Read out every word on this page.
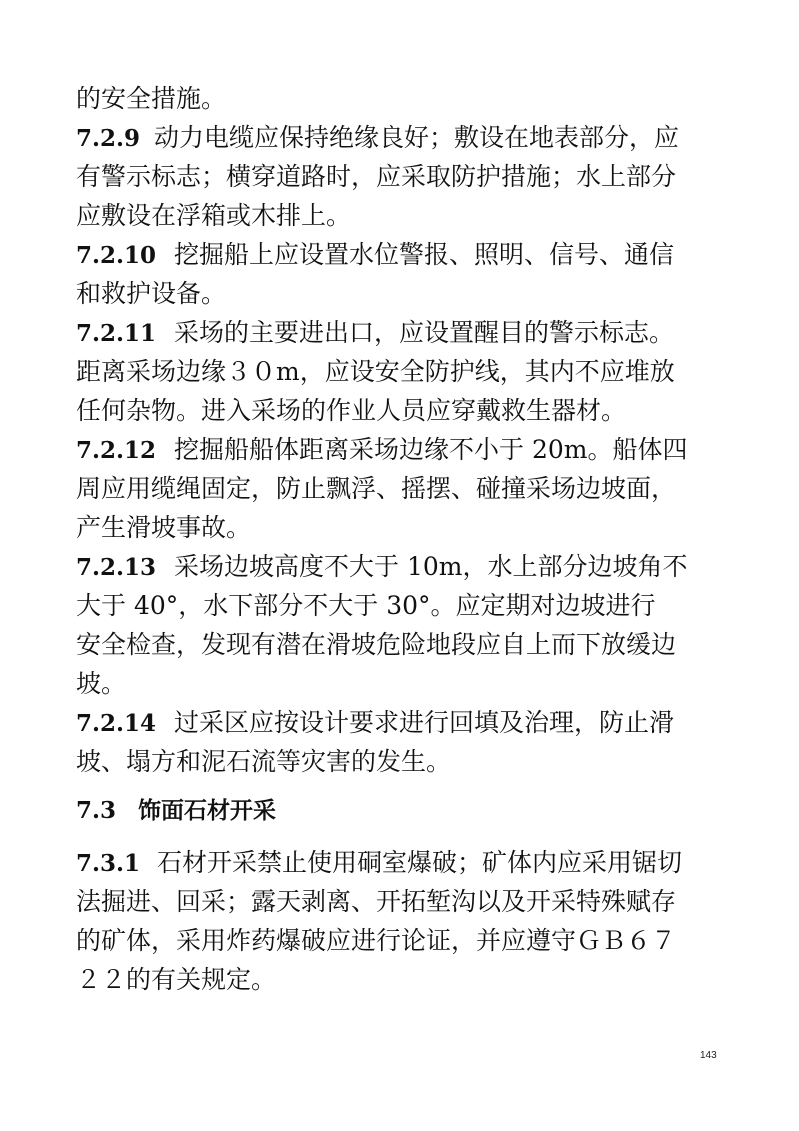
的安全措施。
7.2.9 动力电缆应保持绝缘良好；敷设在地表部分，应
有警示标志；横穿道路时，应采取防护措施；水上部分
应敷设在浮箱或木排上。
7.2.10 挖掘船上应设置水位警报、照明、信号、通信
和救护设备。
7.2.11 采场的主要进出口，应设置醒目的警示标志。
距离采场边缘３０m，应设安全防护线，其内不应堆放
任何杂物。进入采场的作业人员应穿戴救生器材。
7.2.12 挖掘船船体距离采场边缘不小于 20m。船体四
周应用缆绳固定，防止飘浮、摇摆、碰撞采场边坡面，
产生滑坡事故。
7.2.13 采场边坡高度不大于 10m，水上部分边坡角不
大于 40°，水下部分不大于 30°。应定期对边坡进行
安全检查，发现有潜在滑坡危险地段应自上而下放缓边
坡。
7.2.14 过采区应按设计要求进行回填及治理，防止滑
坡、塌方和泥石流等灾害的发生。
7.3 饰面石材开采
7.3.1 石材开采禁止使用硐室爆破；矿体内应采用锯切
法掘进、回采；露天剥离、开拓堑沟以及开采特殊赋存
的矿体，采用炸药爆破应进行论证，并应遵守ＧＢ６７
２２的有关规定。
143
